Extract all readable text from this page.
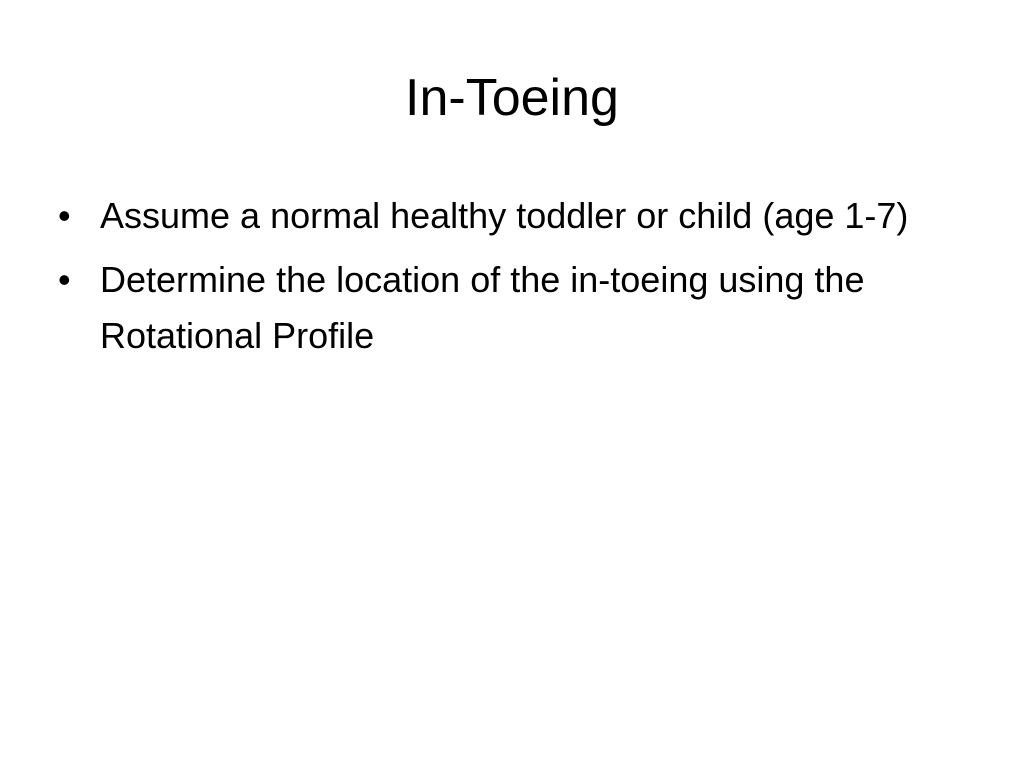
In-Toeing
• Assume a normal healthy toddler or child (age 1-7)
• Determine the location of the in-toeing using the Rotational Profile
